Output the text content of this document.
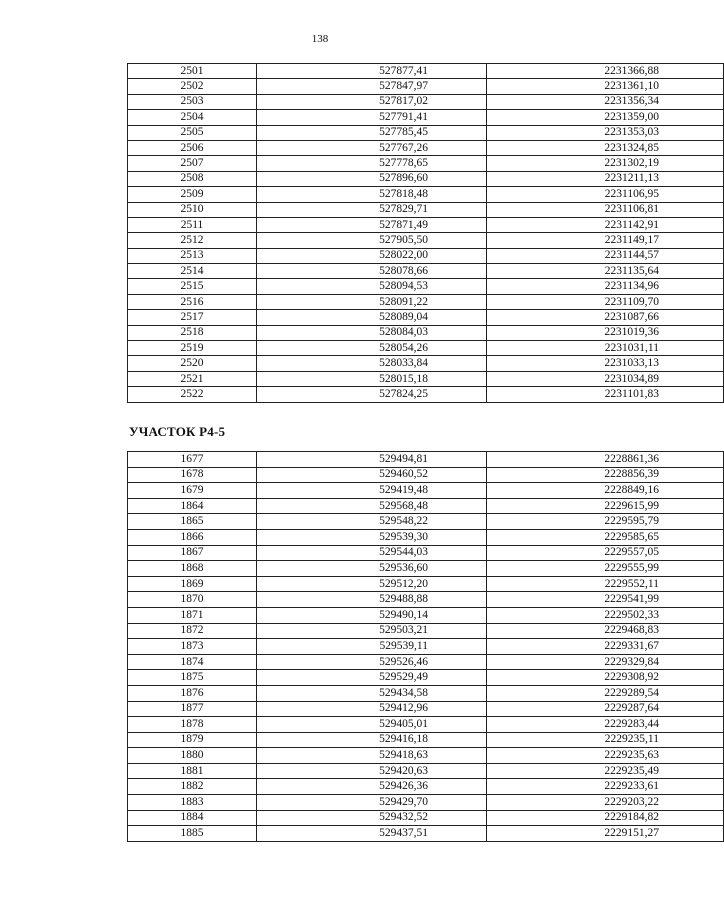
138
2501	527877,41	2231366,88
2502	527847,97	2231361,10
2503	527817,02	2231356,34
2504	527791,41	2231359,00
2505	527785,45	2231353,03
2506	527767,26	2231324,85
2507	527778,65	2231302,19
2508	527896,60	2231211,13
2509	527818,48	2231106,95
2510	527829,71	2231106,81
2511	527871,49	2231142,91
2512	527905,50	2231149,17
2513	528022,00	2231144,57
2514	528078,66	2231135,64
2515	528094,53	2231134,96
2516	528091,22	2231109,70
2517	528089,04	2231087,66
2518	528084,03	2231019,36
2519	528054,26	2231031,11
2520	528033,84	2231033,13
2521	528015,18	2231034,89
2522	527824,25	2231101,83
УЧАСТОК Р4-5
1677	529494,81	2228861,36
1678	529460,52	2228856,39
1679	529419,48	2228849,16
1864	529568,48	2229615,99
1865	529548,22	2229595,79
1866	529539,30	2229585,65
1867	529544,03	2229557,05
1868	529536,60	2229555,99
1869	529512,20	2229552,11
1870	529488,88	2229541,99
1871	529490,14	2229502,33
1872	529503,21	2229468,83
1873	529539,11	2229331,67
1874	529526,46	2229329,84
1875	529529,49	2229308,92
1876	529434,58	2229289,54
1877	529412,96	2229287,64
1878	529405,01	2229283,44
1879	529416,18	2229235,11
1880	529418,63	2229235,63
1881	529420,63	2229235,49
1882	529426,36	2229233,61
1883	529429,70	2229203,22
1884	529432,52	2229184,82
1885	529437,51	2229151,27
